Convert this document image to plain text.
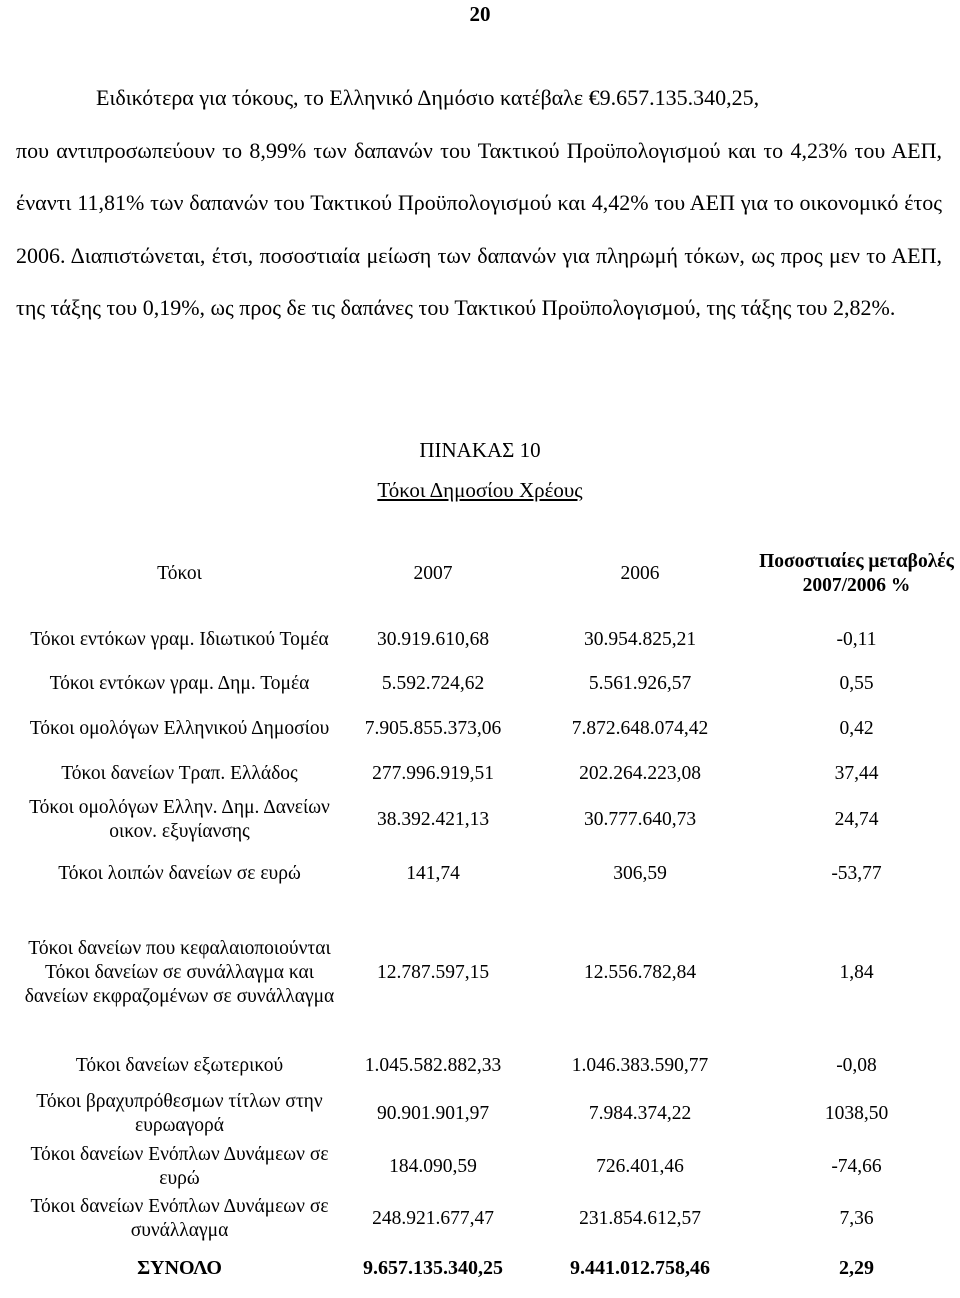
20
Ειδικότερα για τόκους, το Ελληνικό Δημόσιο κατέβαλε €9.657.135.340,25,
που αντιπροσωπεύουν το 8,99% των δαπανών του Τακτικού Προϋπολογισμού και το 4,23% του ΑΕΠ, έναντι 11,81% των δαπανών του Τακτικού Προϋπολογισμού και 4,42% του ΑΕΠ για το οικονομικό έτος 2006. Διαπιστώνεται, έτσι, ποσοστιαία μείωση των δαπανών για πληρωμή τόκων, ως προς μεν το ΑΕΠ, της τάξης του 0,19%, ως προς δε τις δαπάνες του Τακτικού Προϋπολογισμού, της τάξης του 2,82%.
ΠΙΝΑΚΑΣ 10
Τόκοι Δημοσίου Χρέους
Τόκοι	2007	2006	Ποσοστιαίες μεταβολές 2007/2006 %
Τόκοι εντόκων γραμ. Ιδιωτικού Τομέα	30.919.610,68	30.954.825,21	-0,11
Τόκοι εντόκων γραμ. Δημ. Τομέα	5.592.724,62	5.561.926,57	0,55
Τόκοι ομολόγων Ελληνικού Δημοσίου	7.905.855.373,06	7.872.648.074,42	0,42
Τόκοι δανείων Τραπ. Ελλάδος	277.996.919,51	202.264.223,08	37,44
Τόκοι ομολόγων Ελλην. Δημ. Δανείων οικον. εξυγίανσης	38.392.421,13	30.777.640,73	24,74
Τόκοι λοιπών δανείων σε ευρώ	141,74	306,59	-53,77
Τόκοι δανείων που κεφαλαιοποιούνται Τόκοι δανείων σε συνάλλαγμα και δανείων εκφραζομένων σε συνάλλαγμα	12.787.597,15	12.556.782,84	1,84
Τόκοι δανείων εξωτερικού	1.045.582.882,33	1.046.383.590,77	-0,08
Τόκοι βραχυπρόθεσμων τίτλων στην ευρωαγορά	90.901.901,97	7.984.374,22	1038,50
Τόκοι δανείων Ενόπλων Δυνάμεων σε ευρώ	184.090,59	726.401,46	-74,66
Τόκοι δανείων Ενόπλων Δυνάμεων σε συνάλλαγμα	248.921.677,47	231.854.612,57	7,36
ΣΥΝΟΛΟ	9.657.135.340,25	9.441.012.758,46	2,29
